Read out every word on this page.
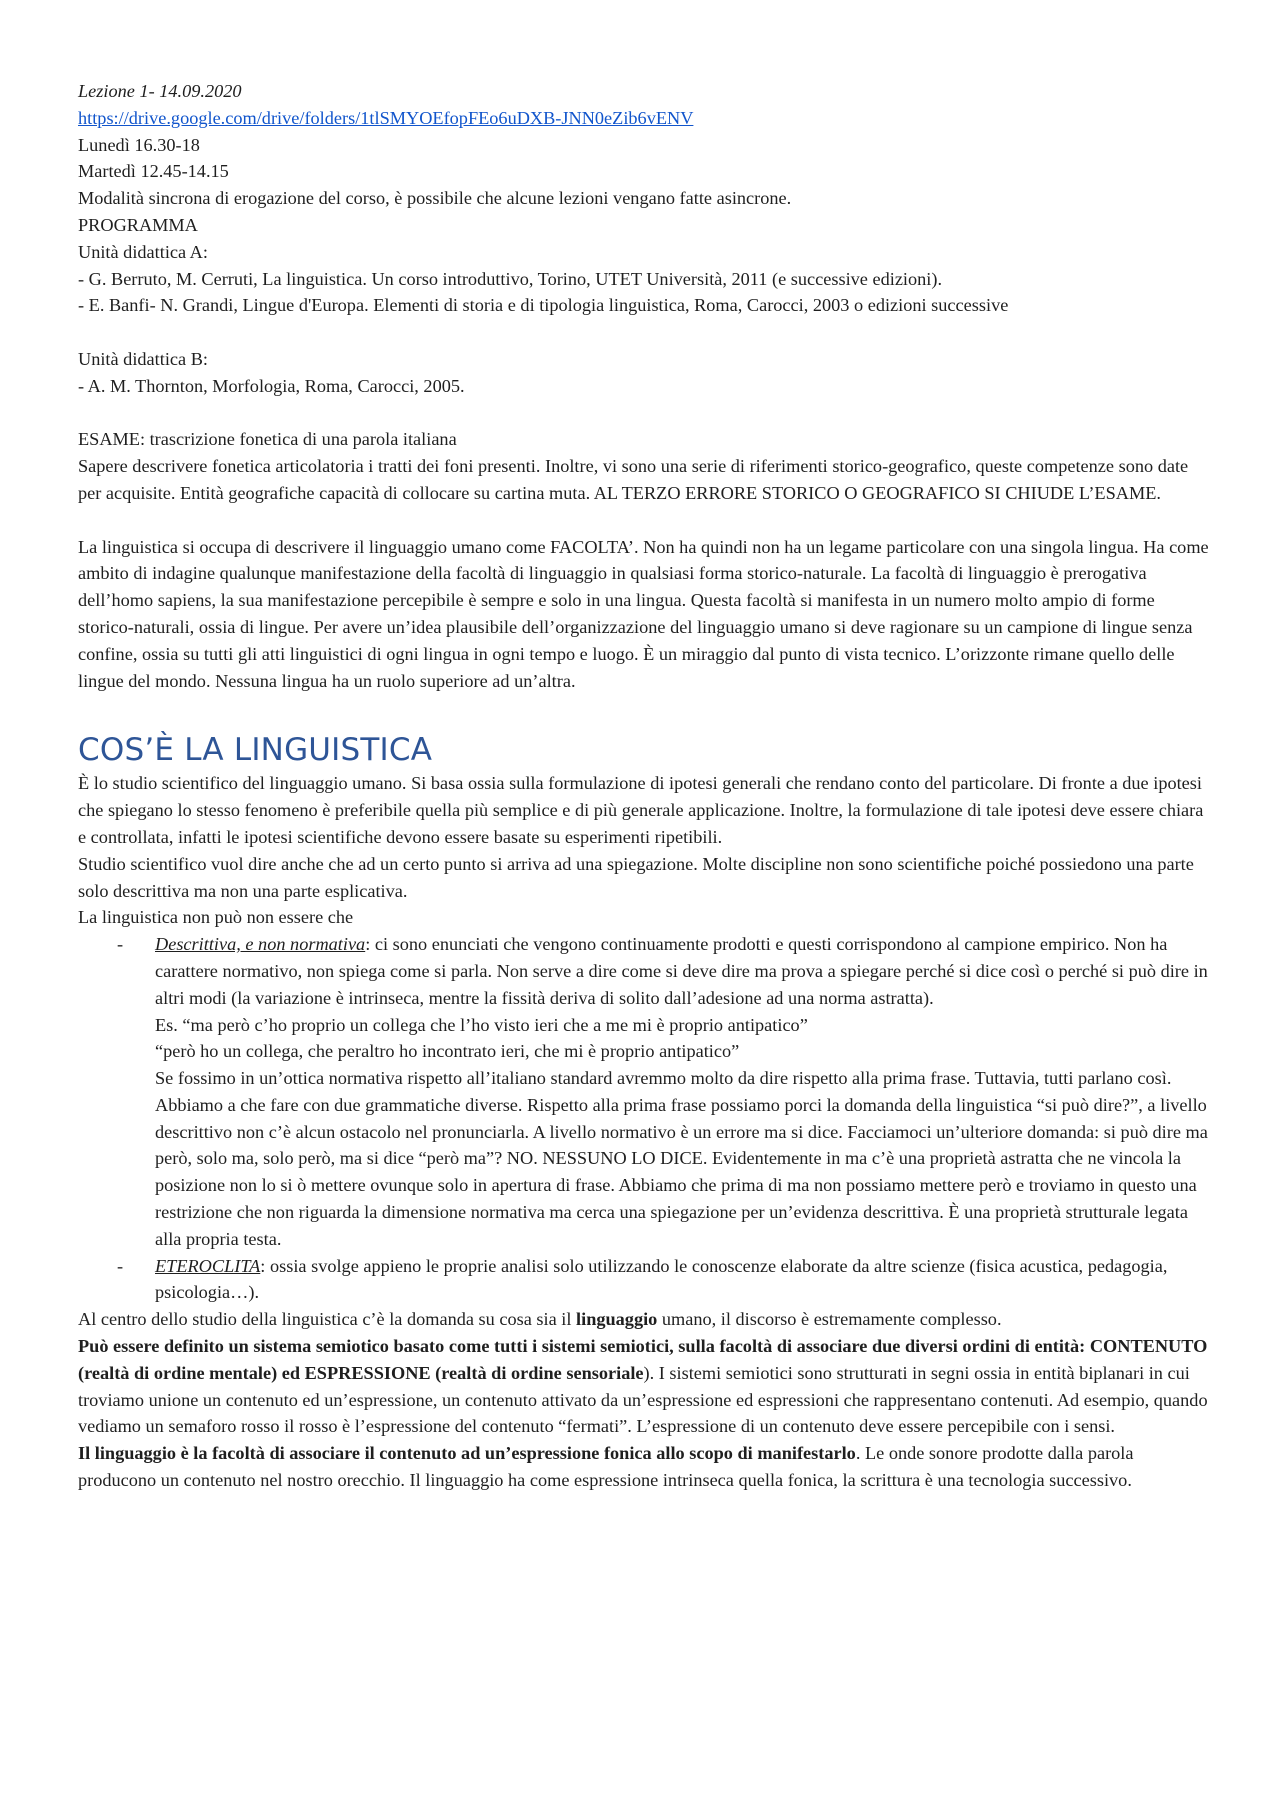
Lezione 1- 14.09.2020

https://drive.google.com/drive/folders/1tlSMYOEfopFEo6uDXB-JNN0eZib6vENV

Lunedì 16.30-18

Martedì 12.45-14.15

Modalità sincrona di erogazione del corso, è possibile che alcune lezioni vengano fatte asincrone.

PROGRAMMA

Unità didattica A:

- G. Berruto, M. Cerruti, La linguistica. Un corso introduttivo, Torino, UTET Università, 2011 (e successive edizioni).

- E. Banfi- N. Grandi, Lingue d'Europa. Elementi di storia e di tipologia linguistica, Roma, Carocci, 2003 o edizioni successive

Unità didattica B:

- A. M. Thornton, Morfologia, Roma, Carocci, 2005.

ESAME: trascrizione fonetica di una parola italiana

Sapere descrivere fonetica articolatoria i tratti dei foni presenti. Inoltre, vi sono una serie di riferimenti storico-geografico, queste competenze sono date per acquisite. Entità geografiche capacità di collocare su cartina muta. AL TERZO ERRORE STORICO O GEOGRAFICO SI CHIUDE L’ESAME.

La linguistica si occupa di descrivere il linguaggio umano come FACOLTA’. Non ha quindi non ha un legame particolare con una singola lingua. Ha come ambito di indagine qualunque manifestazione della facoltà di linguaggio in qualsiasi forma storico-naturale. La facoltà di linguaggio è prerogativa dell’homo sapiens, la sua manifestazione percepibile è sempre e solo in una lingua. Questa facoltà si manifesta in un numero molto ampio di forme storico-naturali, ossia di lingue. Per avere un’idea plausibile dell’organizzazione del linguaggio umano si deve ragionare su un campione di lingue senza confine, ossia su tutti gli atti linguistici di ogni lingua in ogni tempo e luogo. È un miraggio dal punto di vista tecnico. L’orizzonte rimane quello delle lingue del mondo. Nessuna lingua ha un ruolo superiore ad un’altra.

COS’È LA LINGUISTICA

È lo studio scientifico del linguaggio umano. Si basa ossia sulla formulazione di ipotesi generali che rendano conto del particolare. Di fronte a due ipotesi che spiegano lo stesso fenomeno è preferibile quella più semplice e di più generale applicazione. Inoltre, la formulazione di tale ipotesi deve essere chiara e controllata, infatti le ipotesi scientifiche devono essere basate su esperimenti ripetibili.

Studio scientifico vuol dire anche che ad un certo punto si arriva ad una spiegazione. Molte discipline non sono scientifiche poiché possiedono una parte solo descrittiva ma non una parte esplicativa.

La linguistica non può non essere che

- Descrittiva, e non normativa: ci sono enunciati che vengono continuamente prodotti e questi corrispondono al campione empirico. Non ha carattere normativo, non spiega come si parla. Non serve a dire come si deve dire ma prova a spiegare perché si dice così o perché si può dire in altri modi (la variazione è intrinseca, mentre la fissità deriva di solito dall’adesione ad una norma astratta).

Es. “ma però c’ho proprio un collega che l’ho visto ieri che a me mi è proprio antipatico”

“però ho un collega, che peraltro ho incontrato ieri, che mi è proprio antipatico”

Se fossimo in un’ottica normativa rispetto all’italiano standard avremmo molto da dire rispetto alla prima frase. Tuttavia, tutti parlano così. Abbiamo a che fare con due grammatiche diverse. Rispetto alla prima frase possiamo porci la domanda della linguistica “si può dire?”, a livello descrittivo non c’è alcun ostacolo nel pronunciarla. A livello normativo è un errore ma si dice. Facciamoci un’ulteriore domanda: si può dire ma però, solo ma, solo però, ma si dice “però ma”? NO. NESSUNO LO DICE. Evidentemente in ma c’è una proprietà astratta che ne vincola la posizione non lo si ò mettere ovunque solo in apertura di frase. Abbiamo che prima di ma non possiamo mettere però e troviamo in questo una restrizione che non riguarda la dimensione normativa ma cerca una spiegazione per un’evidenza descrittiva. È una proprietà strutturale legata alla propria testa.

- ETEROCLITA: ossia svolge appieno le proprie analisi solo utilizzando le conoscenze elaborate da altre scienze (fisica acustica, pedagogia, psicologia…).

Al centro dello studio della linguistica c’è la domanda su cosa sia il linguaggio umano, il discorso è estremamente complesso.

Può essere definito un sistema semiotico basato come tutti i sistemi semiotici, sulla facoltà di associare due diversi ordini di entità: CONTENUTO (realtà di ordine mentale) ed ESPRESSIONE (realtà di ordine sensoriale). I sistemi semiotici sono strutturati in segni ossia in entità biplanari in cui troviamo unione un contenuto ed un’espressione, un contenuto attivato da un’espressione ed espressioni che rappresentano contenuti. Ad esempio, quando vediamo un semaforo rosso il rosso è l’espressione del contenuto “fermati”. L’espressione di un contenuto deve essere percepibile con i sensi.

Il linguaggio è la facoltà di associare il contenuto ad un’espressione fonica allo scopo di manifestarlo. Le onde sonore prodotte dalla parola producono un contenuto nel nostro orecchio. Il linguaggio ha come espressione intrinseca quella fonica, la scrittura è una tecnologia successivo.
